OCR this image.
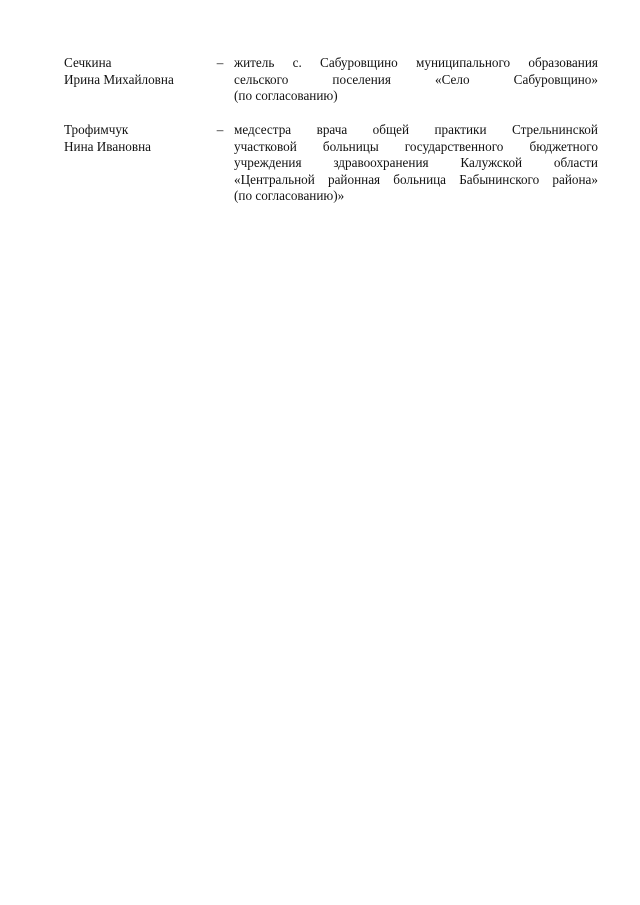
Сечкина
Ирина Михайловна
– житель с. Сабуровщино муниципального образования
сельского	поселения	«Село	Сабуровщино»
(по согласованию)
Трофимчук
Нина Ивановна
– медсестра врача общей практики Стрельнинской
участковой больницы государственного бюджетного
учреждения здравоохранения Калужской области
«Центральной районная больница Бабынинского района»
(по согласованию)»
